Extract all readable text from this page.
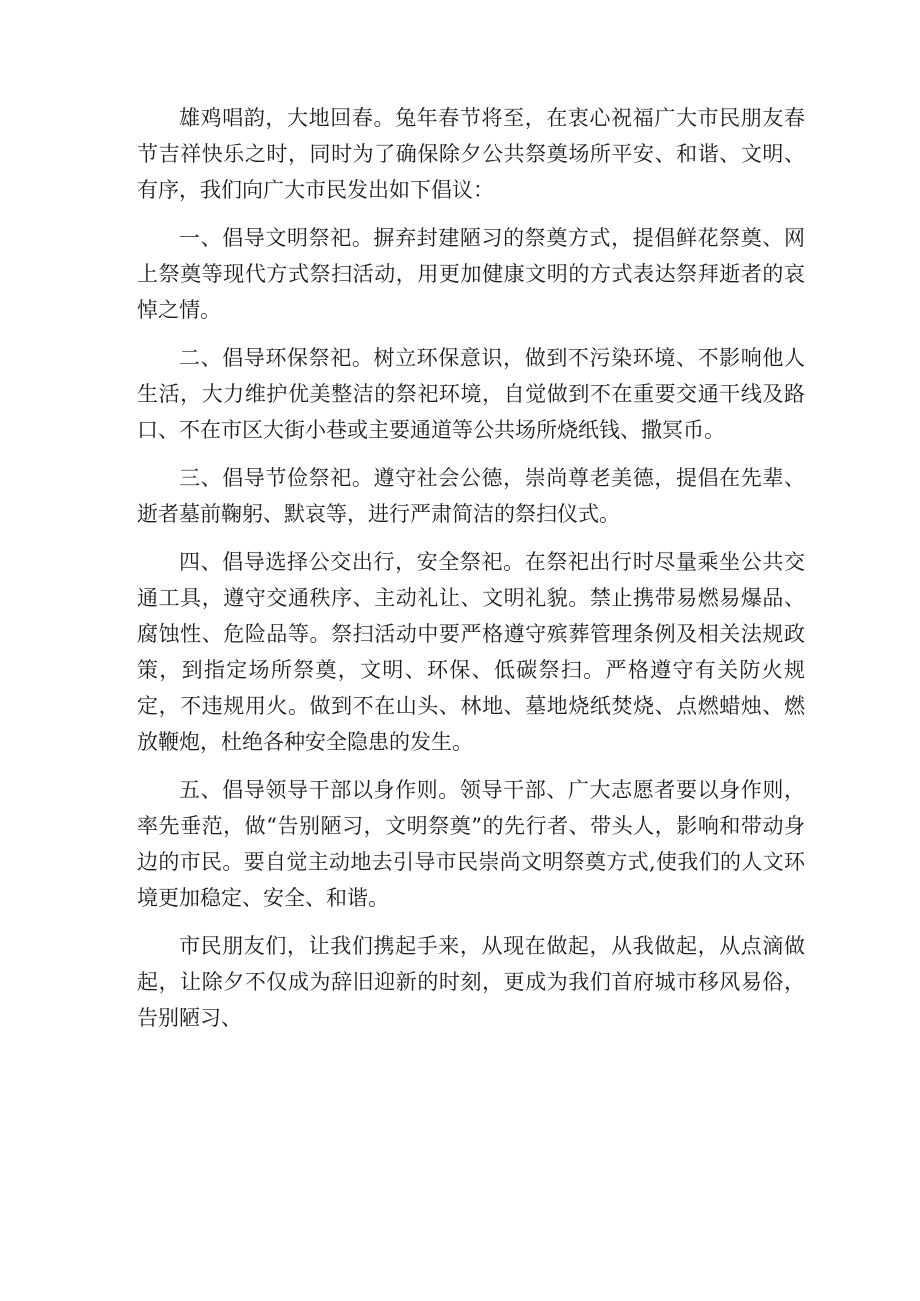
雄鸡唱韵，大地回春。兔年春节将至，在衷心祝福广大市民朋友春节吉祥快乐之时，同时为了确保除夕公共祭奠场所平安、和谐、文明、有序，我们向广大市民发出如下倡议：

一、倡导文明祭祀。摒弃封建陋习的祭奠方式，提倡鲜花祭奠、网上祭奠等现代方式祭扫活动，用更加健康文明的方式表达祭拜逝者的哀悼之情。

二、倡导环保祭祀。树立环保意识，做到不污染环境、不影响他人生活，大力维护优美整洁的祭祀环境，自觉做到不在重要交通干线及路口、不在市区大街小巷或主要通道等公共场所烧纸钱、撒冥币。

三、倡导节俭祭祀。遵守社会公德，崇尚尊老美德，提倡在先辈、逝者墓前鞠躬、默哀等，进行严肃简洁的祭扫仪式。

四、倡导选择公交出行，安全祭祀。在祭祀出行时尽量乘坐公共交通工具，遵守交通秩序、主动礼让、文明礼貌。禁止携带易燃易爆品、腐蚀性、危险品等。祭扫活动中要严格遵守殡葬管理条例及相关法规政策，到指定场所祭奠，文明、环保、低碳祭扫。严格遵守有关防火规定，不违规用火。做到不在山头、林地、墓地烧纸焚烧、点燃蜡烛、燃放鞭炮，杜绝各种安全隐患的发生。

五、倡导领导干部以身作则。领导干部、广大志愿者要以身作则，率先垂范，做“告别陋习，文明祭奠”的先行者、带头人，影响和带动身边的市民。要自觉主动地去引导市民崇尚文明祭奠方式,使我们的人文环境更加稳定、安全、和谐。

市民朋友们，让我们携起手来，从现在做起，从我做起，从点滴做起，让除夕不仅成为辞旧迎新的时刻，更成为我们首府城市移风易俗，告别陋习、
